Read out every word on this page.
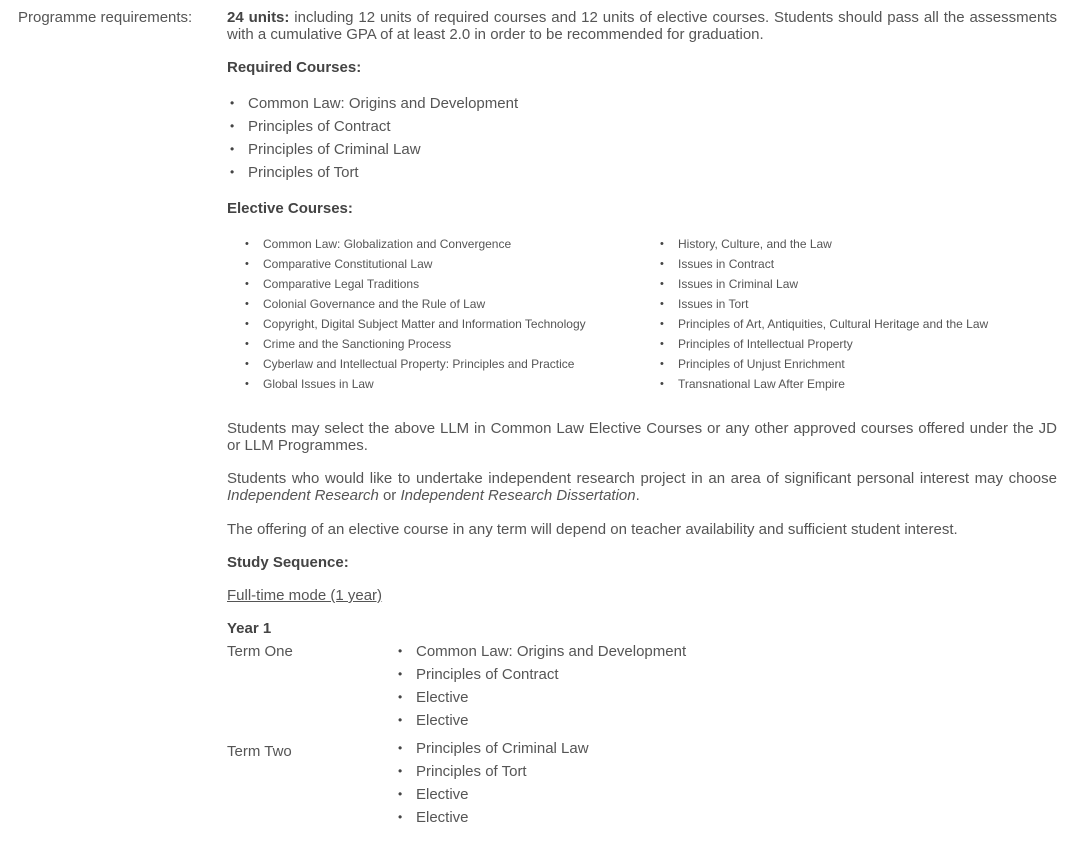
Programme requirements: 24 units: including 12 units of required courses and 12 units of elective courses. Students should pass all the assessments with a cumulative GPA of at least 2.0 in order to be recommended for graduation.

Required Courses:

• Common Law: Origins and Development
• Principles of Contract
• Principles of Criminal Law
• Principles of Tort

Elective Courses:

• Common Law: Globalization and Convergence
• Comparative Constitutional Law
• Comparative Legal Traditions
• Colonial Governance and the Rule of Law
• Copyright, Digital Subject Matter and Information Technology
• Crime and the Sanctioning Process
• Cyberlaw and Intellectual Property: Principles and Practice
• Global Issues in Law
• History, Culture, and the Law
• Issues in Contract
• Issues in Criminal Law
• Issues in Tort
• Principles of Art, Antiquities, Cultural Heritage and the Law
• Principles of Intellectual Property
• Principles of Unjust Enrichment
• Transnational Law After Empire

Students may select the above LLM in Common Law Elective Courses or any other approved courses offered under the JD or LLM Programmes.

Students who would like to undertake independent research project in an area of significant personal interest may choose Independent Research or Independent Research Dissertation.

The offering of an elective course in any term will depend on teacher availability and sufficient student interest.

Study Sequence:

Full-time mode (1 year)

Year 1

Term One	• Common Law: Origins and Development
• Principles of Contract
• Elective
• Elective
Term Two	• Principles of Criminal Law
• Principles of Tort
• Elective
• Elective
